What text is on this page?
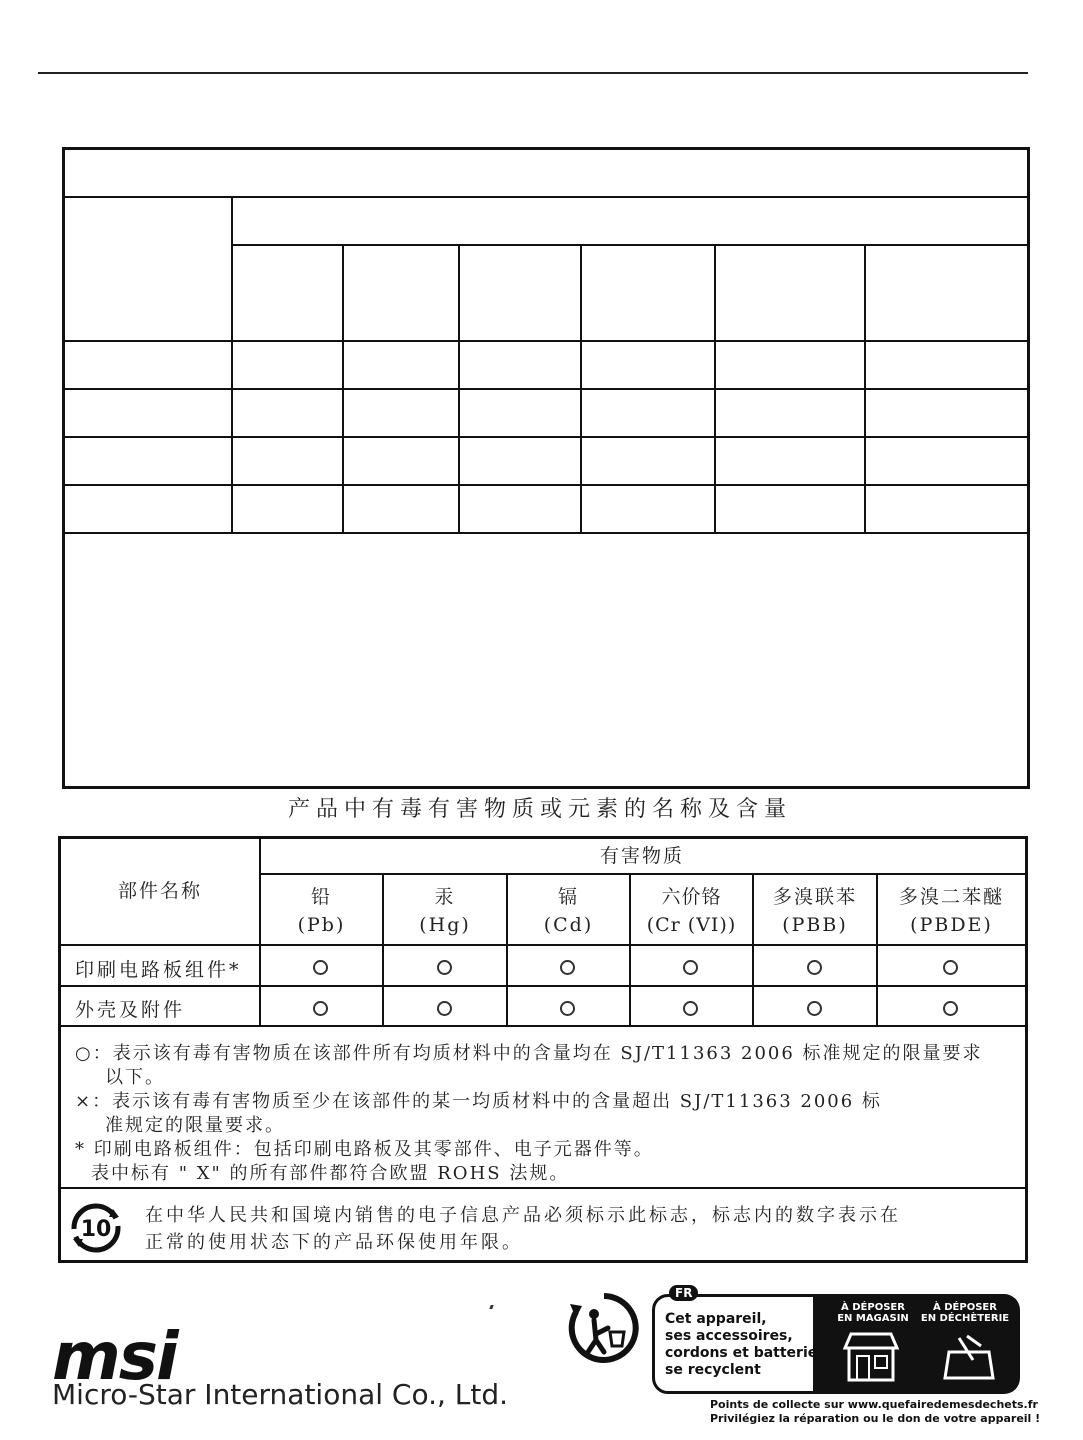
产品中有毒有害物质或元素的名称及含量
部件名称
有害物质
铅
(Pb)
汞
(Hg)
镉
(Cd)
六价铬
(Cr (VI))
多溴联苯
(PBB)
多溴二苯醚
(PBDE)
印刷电路板组件*
外壳及附件
○：表示该有毒有害物质在该部件所有均质材料中的含量均在 SJ/T11363 2006 标准规定的限量要求
以下。
×：表示该有毒有害物质至少在该部件的某一均质材料中的含量超出 SJ/T11363 2006 标
准规定的限量要求。
* 印刷电路板组件：包括印刷电路板及其零部件、电子元器件等。
表中标有 " X" 的所有部件都符合欧盟 ROHS 法规。
10
在中华人民共和国境内销售的电子信息产品必须标示此标志，标志内的数字表示在
正常的使用状态下的产品环保使用年限。
msi
Micro-Star International Co., Ltd.
À DÉPOSER
EN MAGASIN
À DÉPOSER
EN DÉCHÈTERIE
OU
FR
Cet appareil,
ses accessoires,
cordons et batteries
se recyclent
Points de collecte sur www.quefairedemesdechets.fr
Privilégiez la réparation ou le don de votre appareil !
